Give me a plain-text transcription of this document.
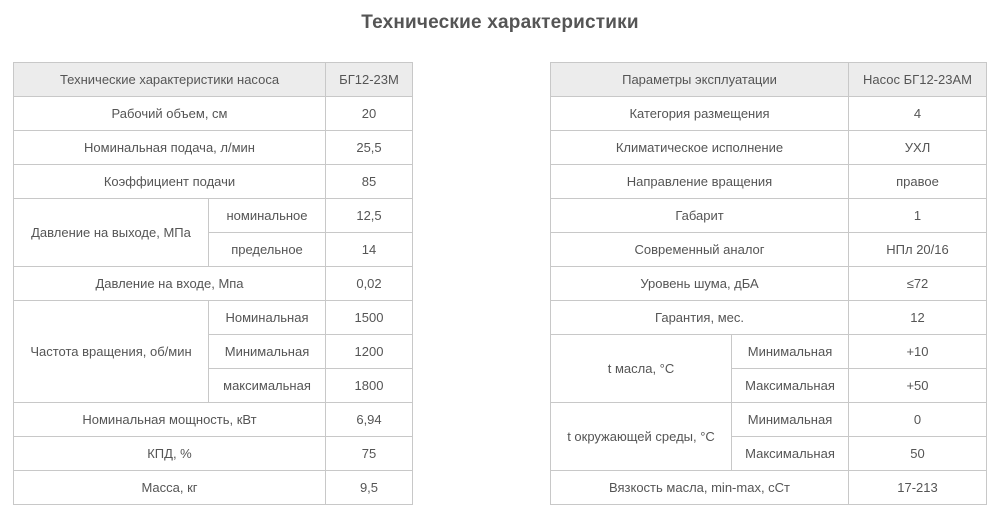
Технические характеристики
Технические характеристики насоса		БГ12-23М
Рабочий объем, см		20
Номинальная подача, л/мин		25,5
Коэффициент подачи		85
Давление на выходе, МПа	номинальное	12,5
	предельное	14
Давление на входе, Мпа		0,02
Частота вращения, об/мин	Номинальная	1500
	Минимальная	1200
	максимальная	1800
Номинальная мощность, кВт		6,94
КПД, %		75
Масса, кг		9,5
Параметры эксплуатации		Насос БГ12-23АМ
Категория размещения		4
Климатическое исполнение		УХЛ
Направление вращения		правое
Габарит		1
Современный аналог		НПл 20/16
Уровень шума, дБА		≤72
Гарантия, мес.		12
t масла, °С	Минимальная	+10
	Максимальная	+50
t окружающей среды, °С	Минимальная	0
	Максимальная	50
Вязкость масла, min-max, сСт		17-213
